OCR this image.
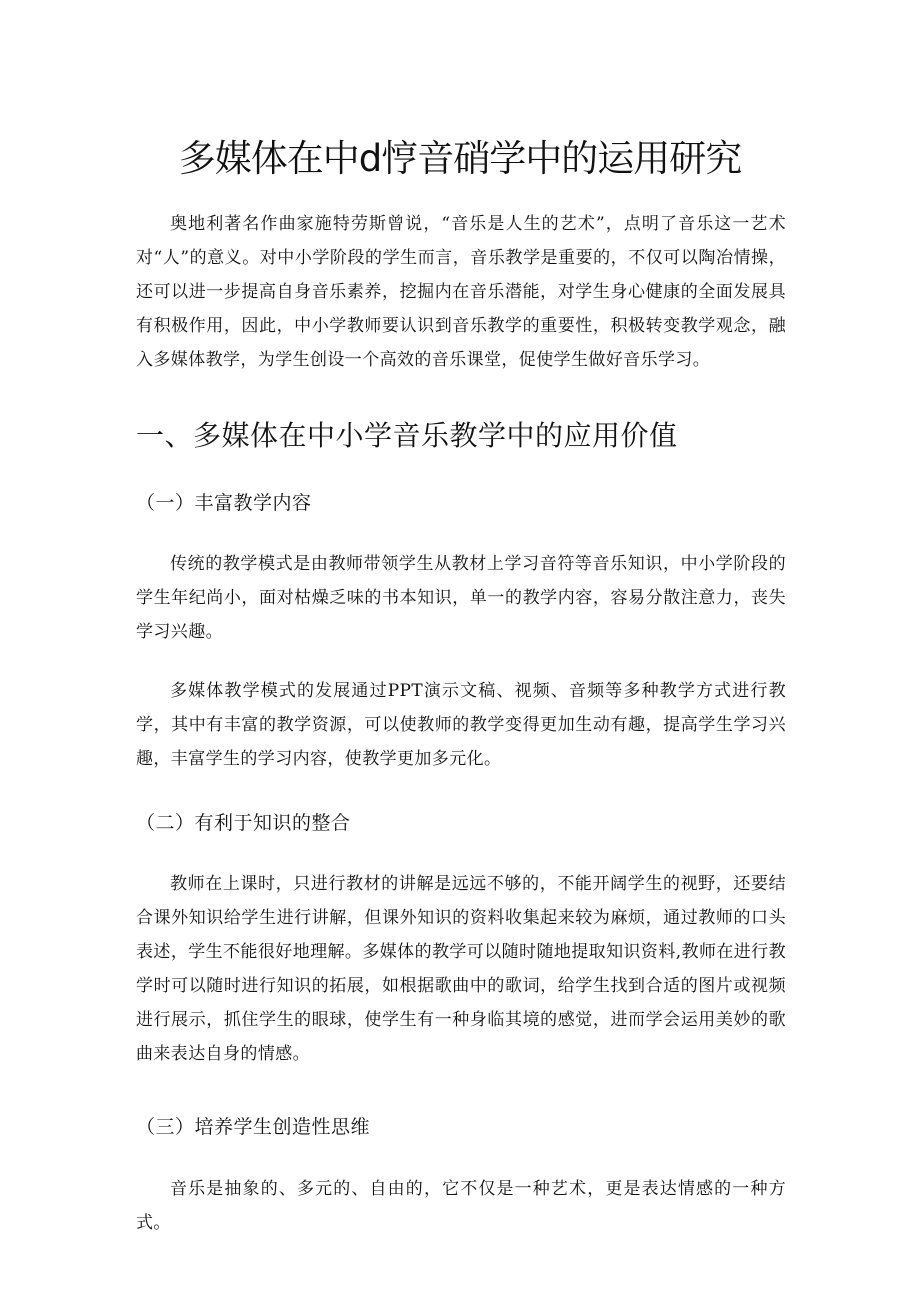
多媒体在中d悙音硝学中的运用研究

奥地利著名作曲家施特劳斯曾说，“音乐是人生的艺术”，点明了音乐这一艺术对“人”的意义。对中小学阶段的学生而言，音乐教学是重要的，不仅可以陶冶情操，还可以进一步提高自身音乐素养，挖掘内在音乐潜能，对学生身心健康的全面发展具有积极作用，因此，中小学教师要认识到音乐教学的重要性，积极转变教学观念，融入多媒体教学，为学生创设一个高效的音乐课堂，促使学生做好音乐学习。

一、多媒体在中小学音乐教学中的应用价值
（一）丰富教学内容

传统的教学模式是由教师带领学生从教材上学习音符等音乐知识，中小学阶段的学生年纪尚小，面对枯燥乏味的书本知识，单一的教学内容，容易分散注意力，丧失学习兴趣。

多媒体教学模式的发展通过PPT演示文稿、视频、音频等多种教学方式进行教学，其中有丰富的教学资源，可以使教师的教学变得更加生动有趣，提高学生学习兴趣，丰富学生的学习内容，使教学更加多元化。

（二）有利于知识的整合

教师在上课时，只进行教材的讲解是远远不够的，不能开阔学生的视野，还要结合课外知识给学生进行讲解，但课外知识的资料收集起来较为麻烦，通过教师的口头表述，学生不能很好地理解。多媒体的教学可以随时随地提取知识资料,教师在进行教学时可以随时进行知识的拓展，如根据歌曲中的歌词，给学生找到合适的图片或视频进行展示，抓住学生的眼球，使学生有一种身临其境的感觉，进而学会运用美妙的歌曲来表达自身的情感。

（三）培养学生创造性思维

音乐是抽象的、多元的、自由的，它不仅是一种艺术，更是表达情感的一种方式。
